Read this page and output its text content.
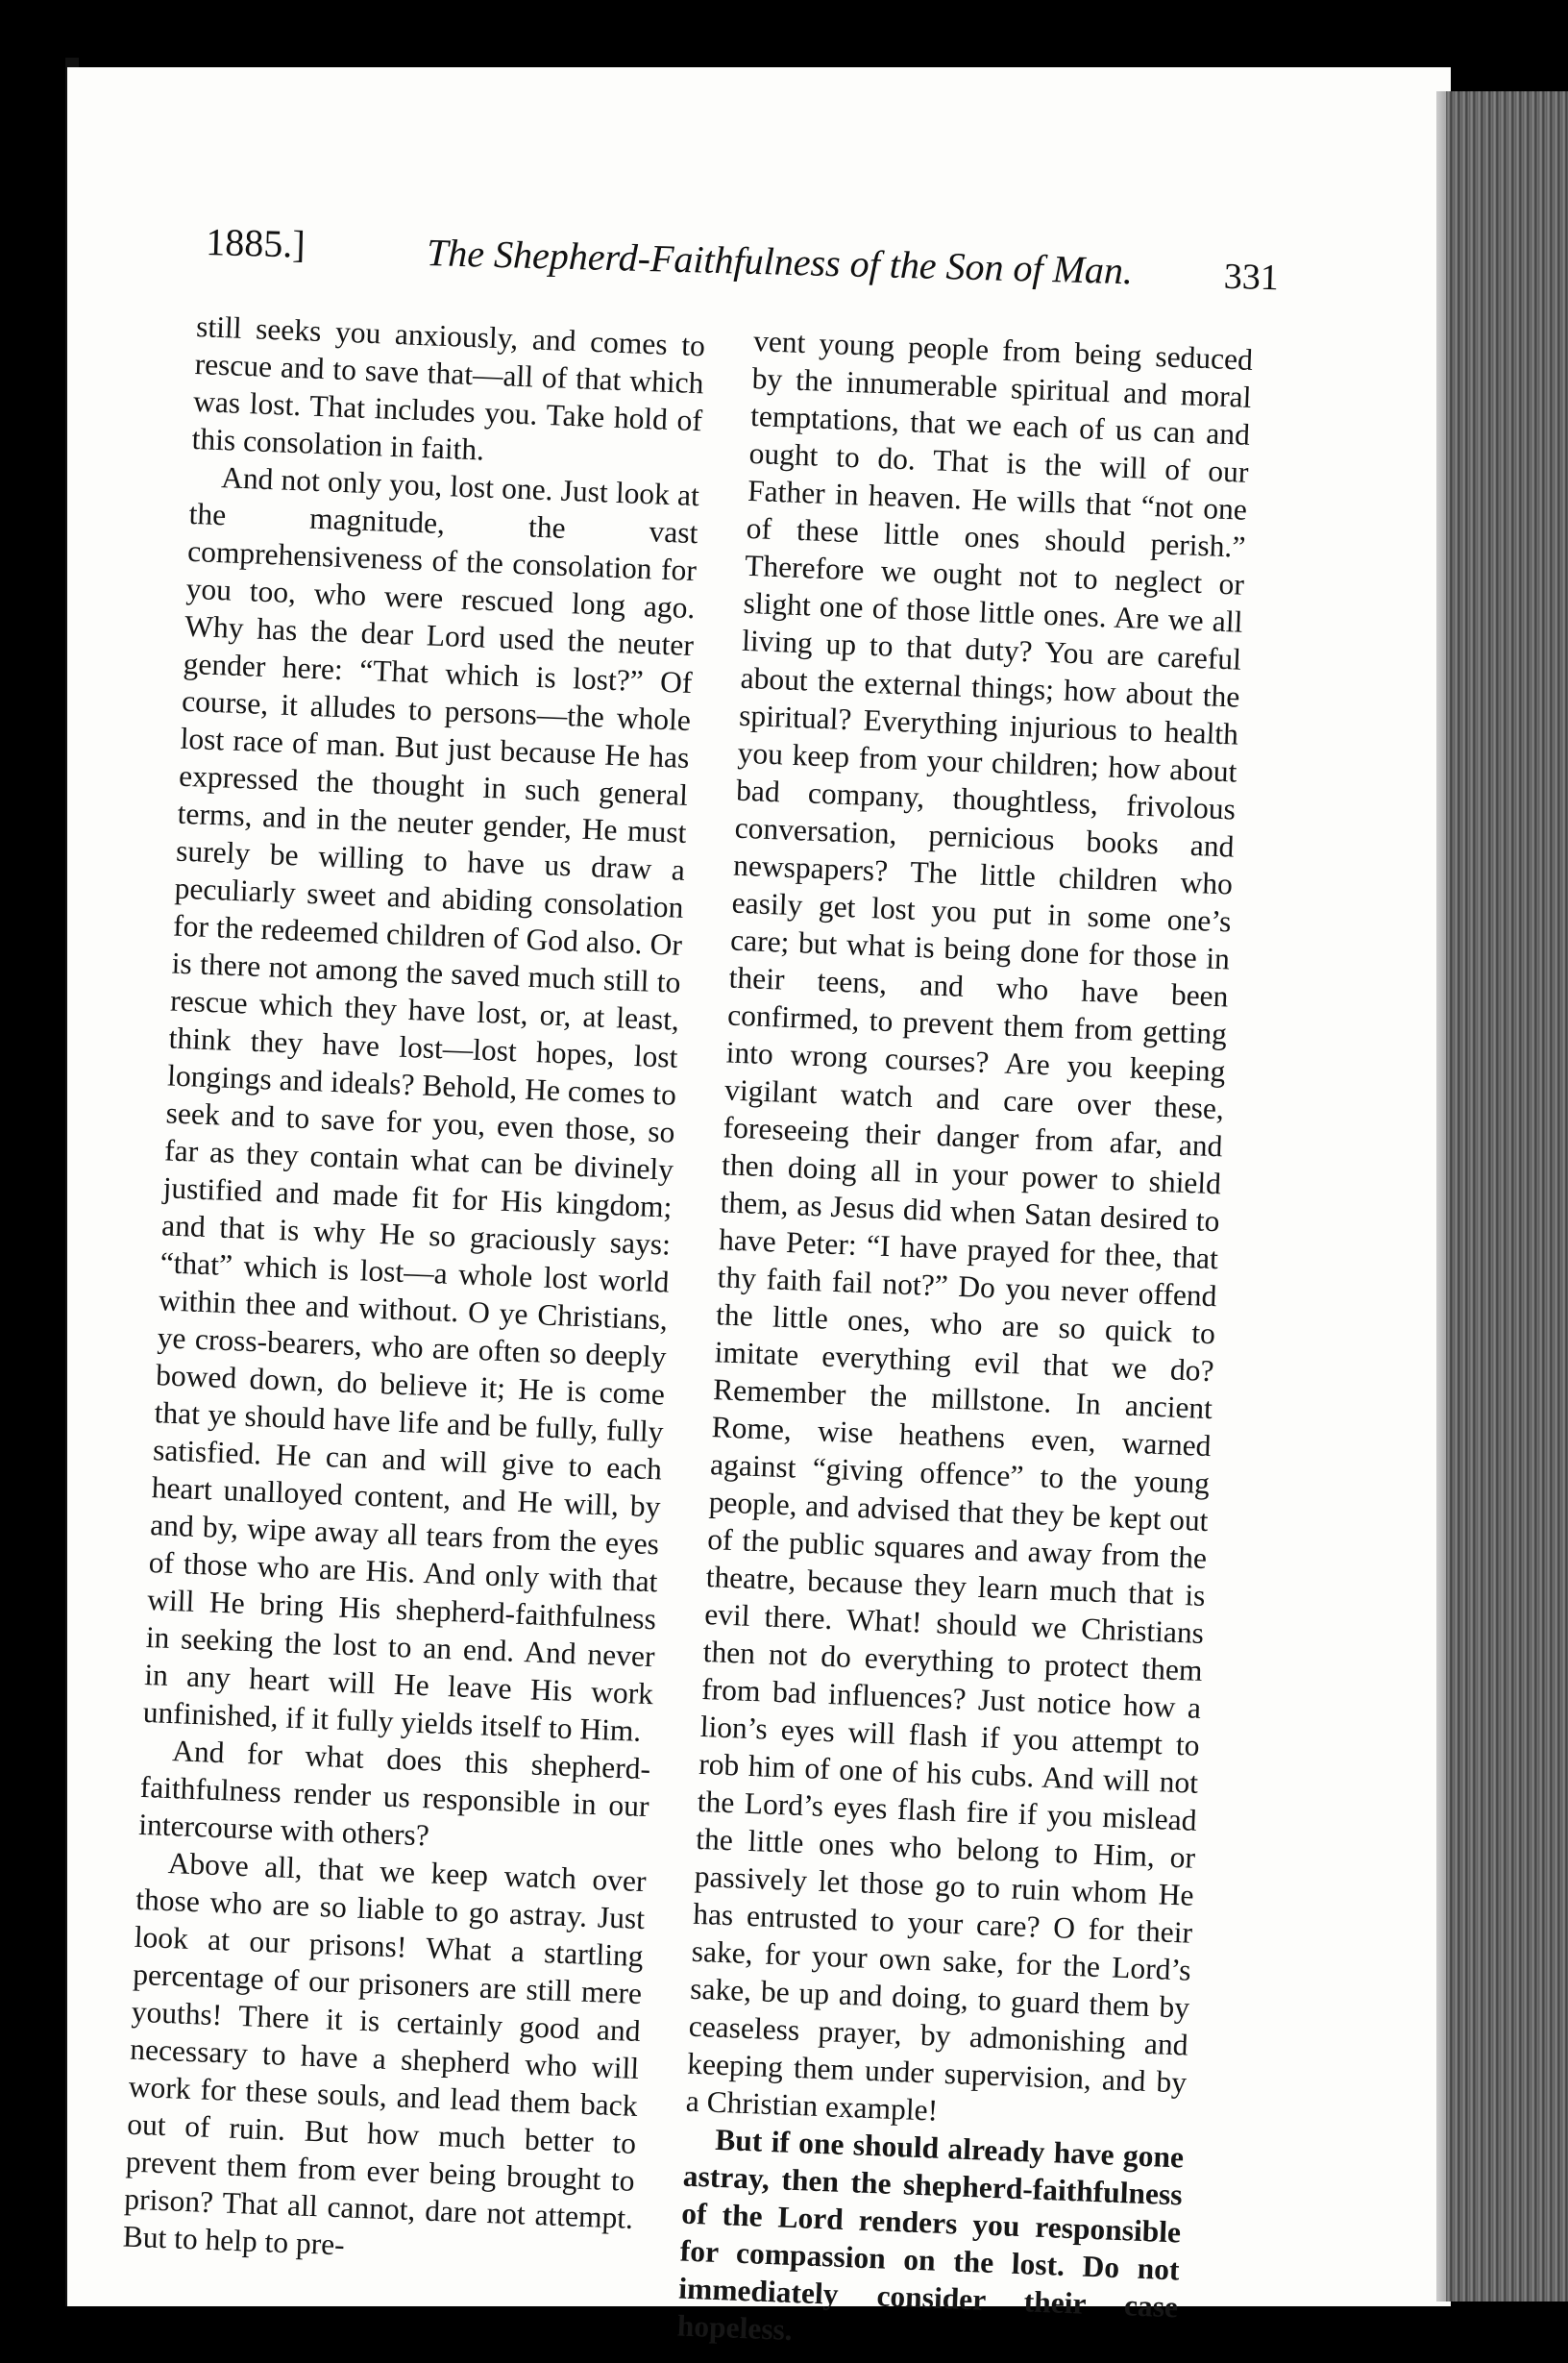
1885.]	The Shepherd-Faithfulness of the Son of Man. 331

still seeks you anxiously, and comes to rescue and to save that—all of that which was lost. That includes you. Take hold of this consolation in faith.

And not only you, lost one. Just look at the magnitude, the vast comprehensiveness of the consolation for you too, who were rescued long ago. Why has the dear Lord used the neuter gender here: “That which is lost?” Of course, it alludes to persons—the whole lost race of man. But just because He has expressed the thought in such general terms, and in the neuter gender, He must surely be willing to have us draw a peculiarly sweet and abiding consolation for the redeemed children of God also. Or is there not among the saved much still to rescue which they have lost, or, at least, think they have lost—lost hopes, lost longings and ideals? Behold, He comes to seek and to save for you, even those, so far as they contain what can be divinely justified and made fit for His kingdom; and that is why He so graciously says: “that” which is lost—a whole lost world within thee and without. O ye Christians, ye cross-bearers, who are often so deeply bowed down, do believe it; He is come that ye should have life and be fully, fully satisfied. He can and will give to each heart unalloyed content, and He will, by and by, wipe away all tears from the eyes of those who are His. And only with that will He bring His shepherd-faithfulness in seeking the lost to an end. And never in any heart will He leave His work unfinished, if it fully yields itself to Him.

And for what does this shepherd-faithfulness render us responsible in our intercourse with others?

Above all, that we keep watch over those who are so liable to go astray. Just look at our prisons! What a startling percentage of our prisoners are still mere youths! There it is certainly good and necessary to have a shepherd who will work for these souls, and lead them back out of ruin. But how much better to prevent them from ever being brought to prison? That all cannot, dare not attempt. But to help to pre-

vent young people from being seduced by the innumerable spiritual and moral temptations, that we each of us can and ought to do. That is the will of our Father in heaven. He wills that “not one of these little ones should perish.” Therefore we ought not to neglect or slight one of those little ones. Are we all living up to that duty? You are careful about the external things; how about the spiritual? Everything injurious to health you keep from your children; how about bad company, thoughtless, frivolous conversation, pernicious books and newspapers? The little children who easily get lost you put in some one’s care; but what is being done for those in their teens, and who have been confirmed, to prevent them from getting into wrong courses? Are you keeping vigilant watch and care over these, foreseeing their danger from afar, and then doing all in your power to shield them, as Jesus did when Satan desired to have Peter: “I have prayed for thee, that thy faith fail not?” Do you never offend the little ones, who are so quick to imitate everything evil that we do? Remember the millstone. In ancient Rome, wise heathens even, warned against “giving offence” to the young people, and advised that they be kept out of the public squares and away from the theatre, because they learn much that is evil there. What! should we Christians then not do everything to protect them from bad influences? Just notice how a lion’s eyes will flash if you attempt to rob him of one of his cubs. And will not the Lord’s eyes flash fire if you mislead the little ones who belong to Him, or passively let those go to ruin whom He has entrusted to your care? O for their sake, for your own sake, for the Lord’s sake, be up and doing, to guard them by ceaseless prayer, by admonishing and keeping them under supervision, and by a Christian example!

But if one should already have gone astray, then the shepherd-faithfulness of the Lord renders you responsible for compassion on the lost. Do not immediately consider their case hopeless.
